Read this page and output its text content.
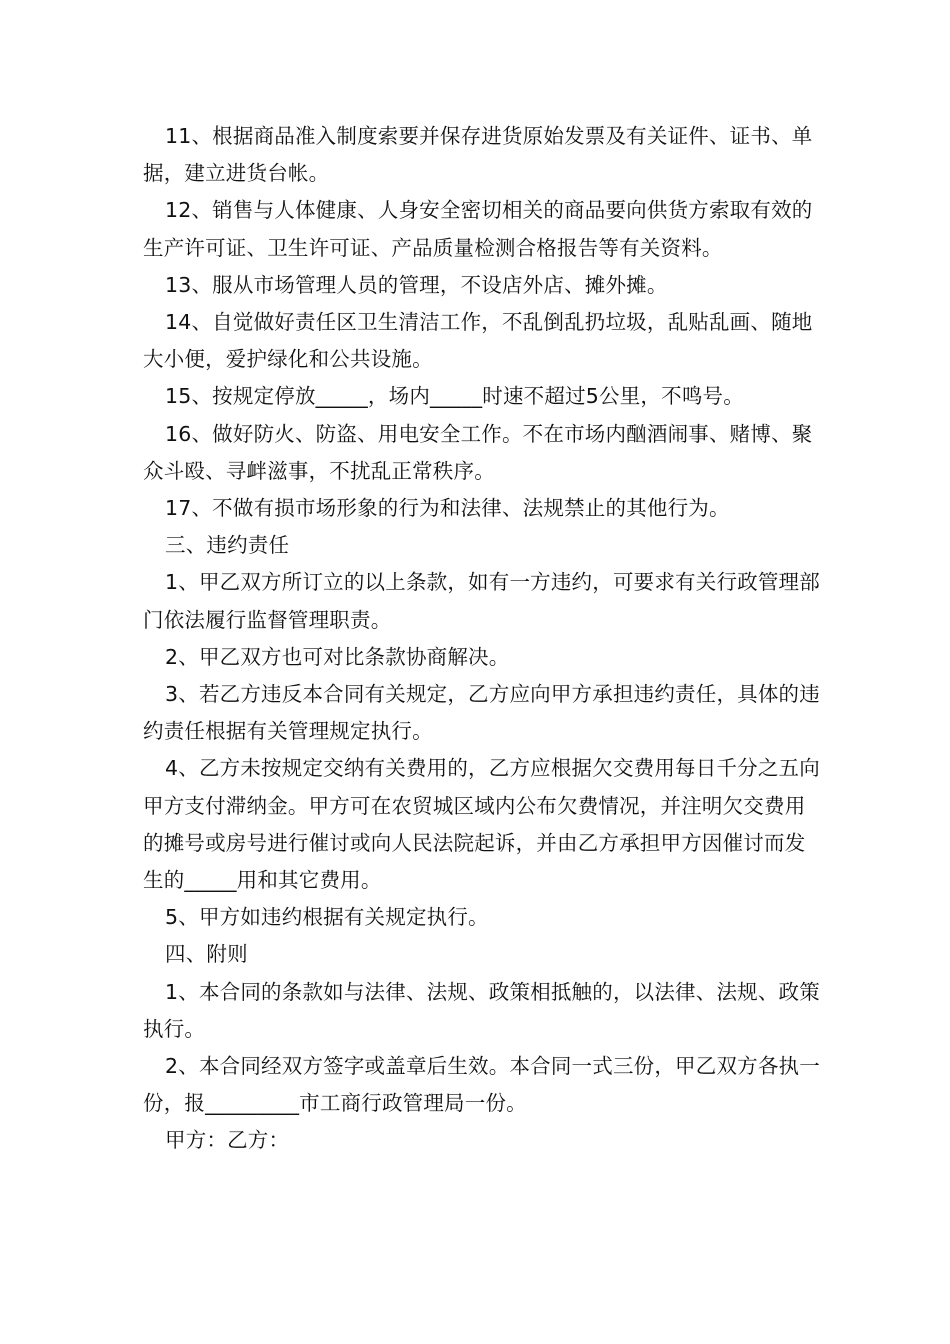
11、根据商品准入制度索要并保存进货原始发票及有关证件、证书、单据，建立进货台帐。

12、销售与人体健康、人身安全密切相关的商品要向供货方索取有效的生产许可证、卫生许可证、产品质量检测合格报告等有关资料。

13、服从市场管理人员的管理，不设店外店、摊外摊。

14、自觉做好责任区卫生清洁工作，不乱倒乱扔垃圾，乱贴乱画、随地大小便，爱护绿化和公共设施。

15、按规定停放_____，场内_____时速不超过5公里，不鸣号。

16、做好防火、防盗、用电安全工作。不在市场内酗酒闹事、赌博、聚众斗殴、寻衅滋事，不扰乱正常秩序。

17、不做有损市场形象的行为和法律、法规禁止的其他行为。

三、违约责任

1、甲乙双方所订立的以上条款，如有一方违约，可要求有关行政管理部门依法履行监督管理职责。

2、甲乙双方也可对比条款协商解决。

3、若乙方违反本合同有关规定，乙方应向甲方承担违约责任，具体的违约责任根据有关管理规定执行。

4、乙方未按规定交纳有关费用的，乙方应根据欠交费用每日千分之五向甲方支付滞纳金。甲方可在农贸城区域内公布欠费情况，并注明欠交费用的摊号或房号进行催讨或向人民法院起诉，并由乙方承担甲方因催讨而发生的_____用和其它费用。

5、甲方如违约根据有关规定执行。

四、附则

1、本合同的条款如与法律、法规、政策相抵触的，以法律、法规、政策执行。

2、本合同经双方签字或盖章后生效。本合同一式三份，甲乙双方各执一份，报_________市工商行政管理局一份。

甲方：乙方：
